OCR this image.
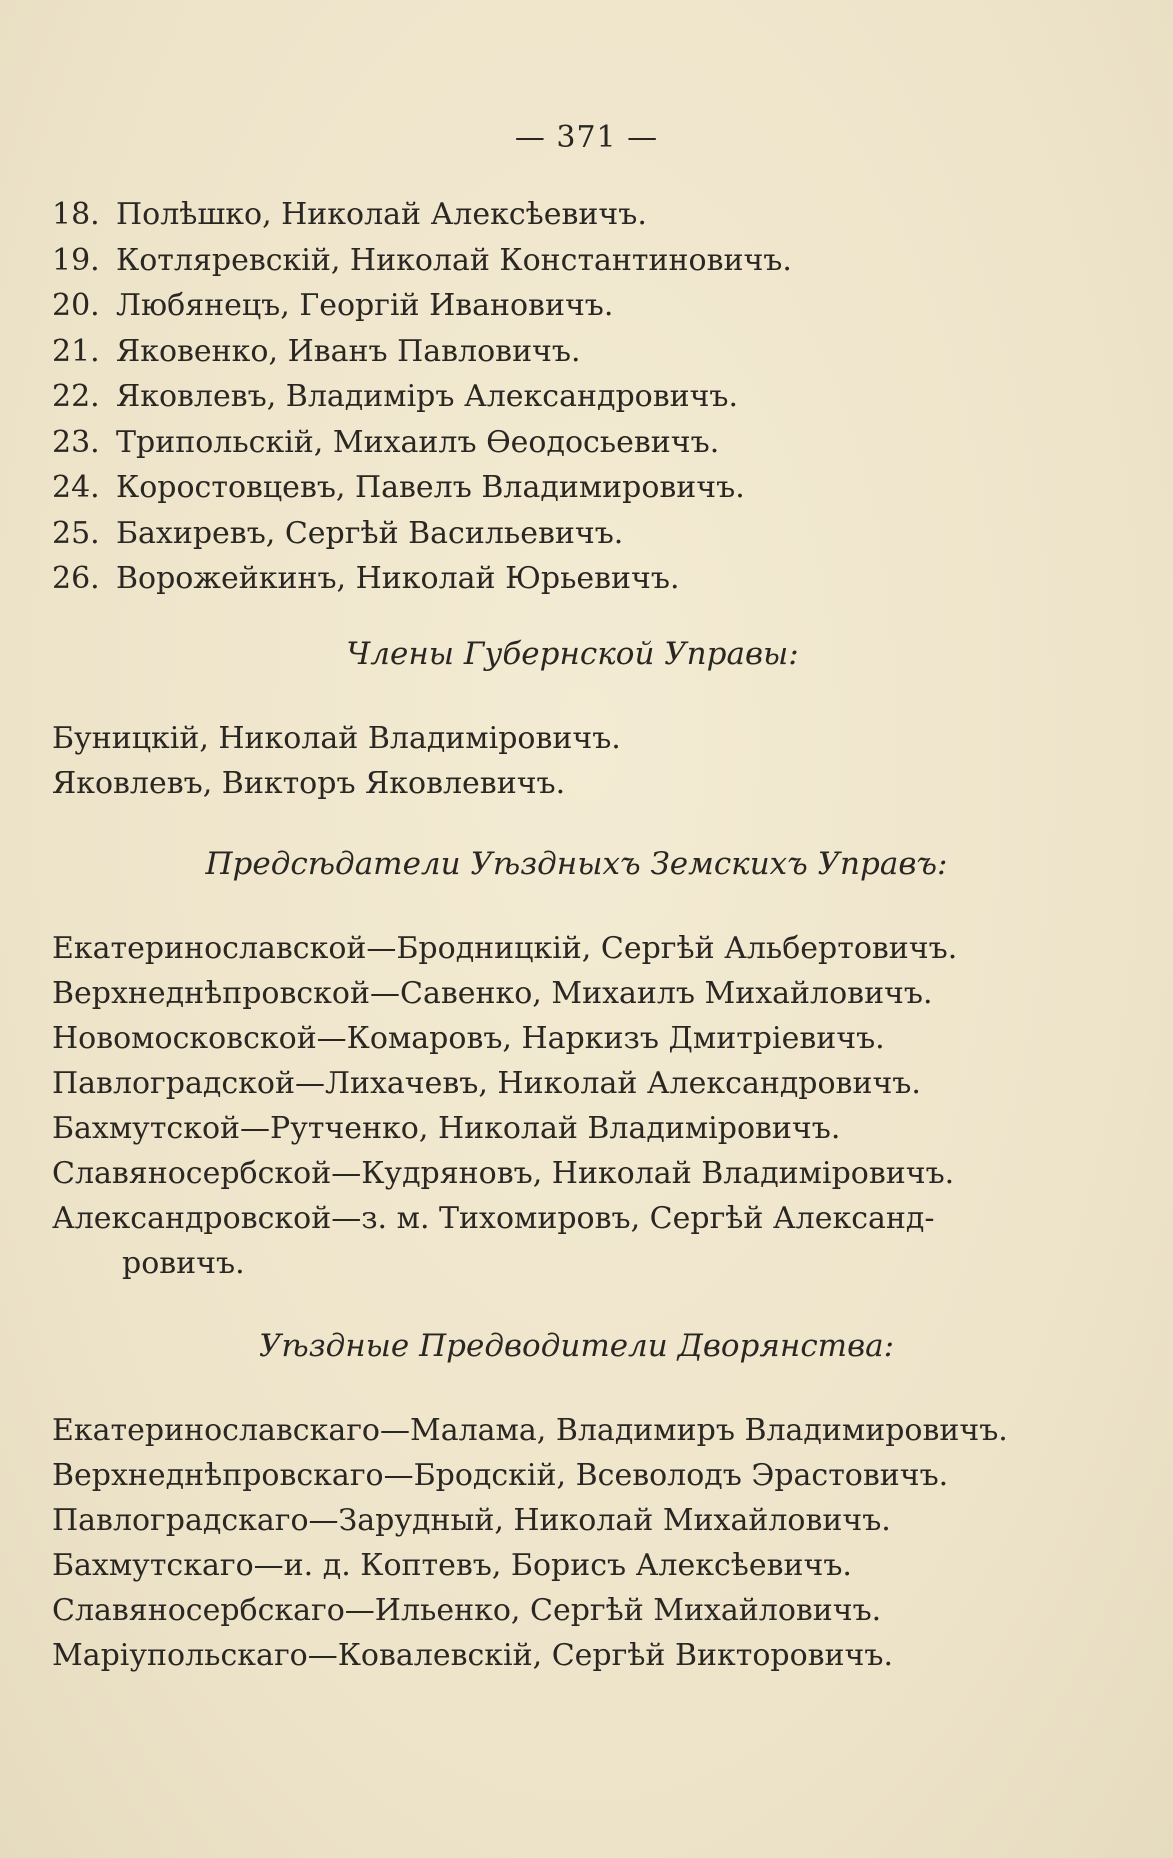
— 371 —
18. Полѣшко, Николай Алексѣевичъ.
19. Котляревскій, Николай Константиновичъ.
20. Любянецъ, Георгій Ивановичъ.
21. Яковенко, Иванъ Павловичъ.
22. Яковлевъ, Владиміръ Александровичъ.
23. Трипольскій, Михаилъ Ѳеодосьевичъ.
24. Коростовцевъ, Павелъ Владимировичъ.
25. Бахиревъ, Сергѣй Васильевичъ.
26. Ворожейкинъ, Николай Юрьевичъ.
Члены Губернской Управы:
Буницкій, Николай Владиміровичъ.
Яковлевъ, Викторъ Яковлевичъ.
Предсѣдатели Уѣздныхъ Земскихъ Управъ:
Екатеринославской—Бродницкій, Сергѣй Альбертовичъ.
Верхнеднѣпровской—Савенко, Михаилъ Михайловичъ.
Новомосковской—Комаровъ, Наркизъ Дмитріевичъ.
Павлоградской—Лихачевъ, Николай Александровичъ.
Бахмутской—Рутченко, Николай Владиміровичъ.
Славяносербской—Кудряновъ, Николай Владиміровичъ.
Александровской—з. м. Тихомировъ, Сергѣй Александ-
ровичъ.
Уѣздные Предводители Дворянства:
Екатеринославскаго—Малама, Владимиръ Владимировичъ.
Верхнеднѣпровскаго—Бродскій, Всеволодъ Эрастовичъ.
Павлоградскаго—Зарудный, Николай Михайловичъ.
Бахмутскаго—и. д. Коптевъ, Борисъ Алексѣевичъ.
Славяносербскаго—Ильенко, Сергѣй Михайловичъ.
Маріупольскаго—Ковалевскій, Сергѣй Викторовичъ.
